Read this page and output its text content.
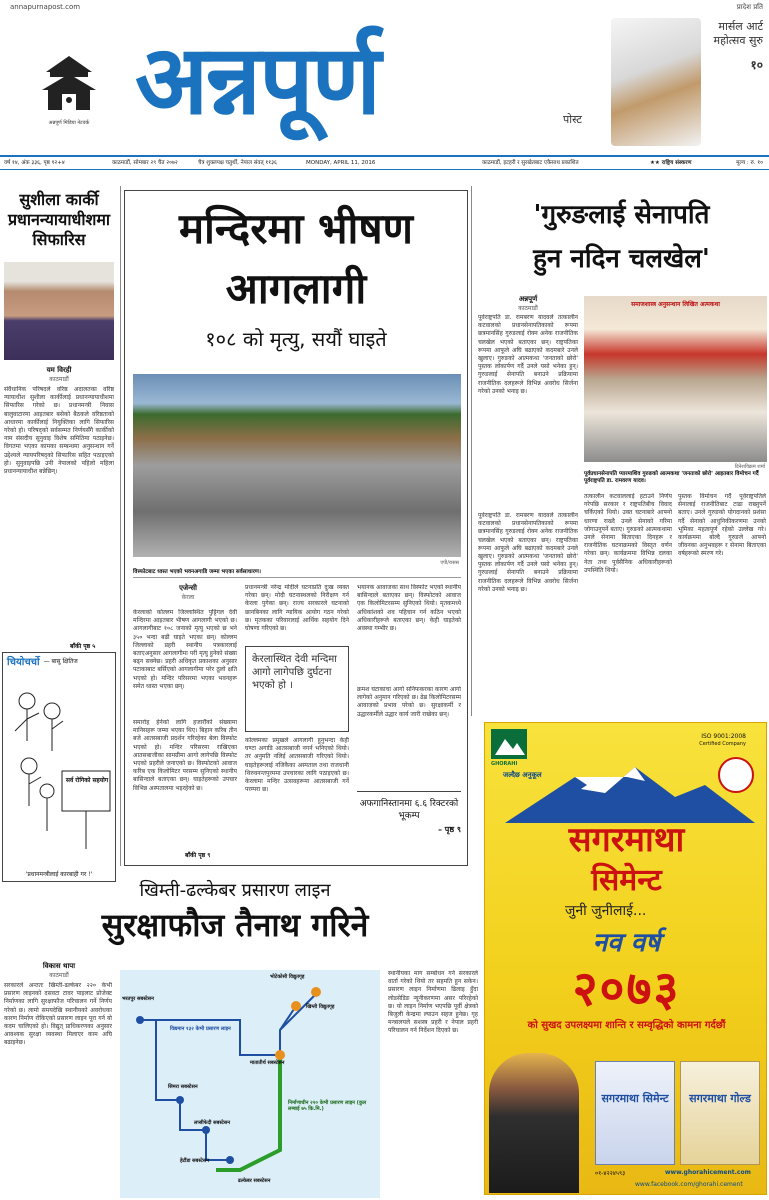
annapurnapost.com	प्रादेश प्रति
अन्नपूर्ण मिडिया नेटवर्क अन्नपूर्ण	पोस्ट
मार्सल आर्ट
महोत्सव सुरु
१०
वर्ष १४, अंक ३३६, पृष्ठ १२+४	काठमाडौं, सोमबार २९ चैत २०७२	चैत्र शुक्लपक्ष चतुर्थी, नेपाल संवत् ११३६	MONDAY, APRIL 11, 2016	काठमाडौं, इटहरी र सुरखेतबाट एकैसाथ प्रकाशित	★★ राष्ट्रिय संस्करण	मूल्य : रु. १०
सुशीला कार्की प्रधानन्यायाधीशमा सिफारिस
यम विरही
काठमाडौं
संवैधानिक परिषदले वरिष्ठ अदालतका वरिष्ठ न्यायाधीश सुशीला कार्कीलाई प्रधानन्यायाधीशमा सिफारिस गरेको छ। प्रधानमन्त्री निवास बालुवाटारमा आइतबार बसेको बैठकले वरिष्ठताको आधारमा कार्कीलाई नियुक्तिका लागि सिफारिस गरेको हो। परिषद्को सर्वसम्मत निर्णयसँगै कार्कीको नाम संसदीय सुनुवाइ विशेष समितिमा पठाइनेछ। विगतमा भएका कामका सम्बन्धमा अनुसन्धान गर्ने उद्देश्यले न्यायपरिषद्को सिफारिस सहित पठाइएको हो। सुनुवाइपछि उनी नेपालको पहिलो महिला प्रधानन्यायाधीश बन्नेछिन्।
बाँकी पृष्ठ ५
चियोचर्चो — बासु क्षितिज
सर्व रोगिको सहयोग
'प्रधानमन्त्रीलाई कारबाही गर !'
मन्दिरमा भीषण
आगलागी
१०८ को मृत्यु, सयौं घाइते
एपी/रासस
विस्फोटबाट ध्वस्त भएको भवनअगाडि जम्मा भएका सर्वसाधारण।
एजेन्सी
केरला
केरलाको कोल्लम जिल्लास्थित पुट्टिंगल देवी मन्दिरमा आइतबार भीषण आगलागी भएको छ। आगलागीबाट १०८ जनाको मृत्यु भएको छ भने ३५० भन्दा बढी घाइते भएका छन्। कोल्लम जिल्लाको प्रहरी स्थानीय पत्रकारलाई बताएअनुसार आगलागीमा परी मृत्यु हुनेको संख्या बढ्न सक्नेछ। प्रहरी अधिकृत प्रकाशका अनुसार पटाकाबाट बर्सिएको आगलागीमा परेर ठूलो क्षति भएको हो। मन्दिर परिसरमा भएका भवनहरू समेत ध्वस्त भएका छन्।
समारोह हेर्नको लागि हजारौंको संख्यामा मानिसहरू जम्मा भएका थिए। बिहान करिब तीन बजे आतसबाजी प्रदर्शन गरिरहेका बेला विस्फोट भएको हो। मन्दिर परिसरमा राखिएका आतसबाजीका सामग्रीमा आगो लागेपछि विस्फोट भएको प्रहरीले जनाएको छ। विस्फोटको आवाज करिब एक किलोमिटर परसम्म सुनिएको स्थानीय बासिन्दाले बताएका छन्। घाइतेहरूको उपचार विभिन्न अस्पतालमा भइरहेको छ।
प्रधानमन्त्री नरेन्द्र मोदीले घटनाप्रति दुःख व्यक्त गरेका छन्। मोदी घटनास्थलको निरीक्षण गर्न केरला पुगेका छन्। राज्य सरकारले घटनाको छानबिनका लागि न्यायिक आयोग गठन गरेको छ। मृतकका परिवारलाई आर्थिक सहयोग दिने घोषणा गरिएको छ।
केरलास्थित देवी मन्दिमा आगो लागेपछि दुर्घटना भएको हो ।
कोल्लमका प्रमुखले आगलागी हुनुभन्दा केही घण्टा अगाडि आतसबाजी नगर्न भनिएको थियो। तर अनुमति नलिई आतसबाजी गरिएको थियो। घाइतेहरूलाई नजिकैका अस्पताल तथा राजधानी थिरुवनन्तपुरममा उपचारका लागि पठाइएको छ। केरलामा मन्दिर उत्सवहरूमा आतसबाजी गर्ने परम्परा छ।
भयानक आवाजका साथ विस्फोट भएको स्थानीय बासिन्दाले बताएका छन्। विस्फोटको आवाज एक किलोमिटरसम्म सुनिएको थियो। मृतकमध्ये अधिकांशको शव पहिचान गर्न कठिन भएको अधिकारीहरूले बताएका छन्। केही घाइतेको अवस्था गम्भीर छ।
क्रमश घटाकाचा आगो सनिफकरका कारण आगो लागेको अनुमान गरिएको छ। ढेब्र किलोमिटरसम्म आवाजको प्रभाव परेको छ। सुरक्षाकर्मी र उद्धारकर्मीले उद्धार कार्य जारी राखेका छन्।
अफगानिस्तानमा ६.६ रिक्टरको भूकम्प
– पृष्ठ ९
बाँकी पृष्ठ ९
'गुरुङलाई सेनापति
हुन नदिन चलखेल'
अन्नपूर्ण
काठमाडौं
पूर्वराष्ट्रपति डा. रामबरण यादवले तत्कालीन कटवालको प्रधानसेनापतिकाको रूपमा छत्रमानसिंह गुरुङलाई रोक्न अनेक राजनीतिक चलखेल भएको बताएका छन्। राष्ट्रपतिका रूपमा आफूले अघि बढाएको कदमबारे उनले खुलाए। गुरुङको आत्मकथा 'जनताको छोरो' पुस्तक लोकार्पण गर्दै उनले यसो भनेका हुन्। गुरुङलाई सेनापति बनाउने प्रक्रियामा राजनीतिक दलहरूले विभिन्न अवरोध सिर्जना गरेको उनको भनाइ छ।
समाजशास्त्र अनुसन्धान लिखित अत्मकथा
दिनेशविक्रम शर्मा
पूर्वप्रधानसेनापति प्यारमाशिव गुरुङको आत्मकथा 'जनताको छोरो' आइतबार विमोचन गर्दै पूर्वराष्ट्रपति डा. रामवरण यादव।
तत्कालीन कटवाललाई हटाउने निर्णय गरेपछि सरकार र राष्ट्रपतिबीच विवाद चर्किएको थियो। उक्त घटनाबारे आफ्नो धारणा राख्दै उनले सेनाको गरिमा जोगाउनुपर्ने बताए। गुरुङको आत्मकथामा उनले सेनामा बिताएका दिनहरू र राजनीतिक घटनाक्रमको विस्तृत वर्णन गरेका छन्। कार्यक्रममा विभिन्न दलका नेता तथा पूर्वसैनिक अधिकारीहरूको उपस्थिति थियो।
पुस्तक विमोचन गर्दै पूर्वराष्ट्रपतिले सेनालाई राजनीतिबाट टाढा राख्नुपर्ने बताए। उनले गुरुङको योगदानको प्रशंसा गर्दै सेनाको आधुनिकीकरणमा उनको भूमिका महत्वपूर्ण रहेको उल्लेख गरे। कार्यक्रममा बोल्दै गुरुङले आफ्नो जीवनका अनुभवहरू र सेनामा बिताएका वर्षहरूको स्मरण गरे।
पूर्वराष्ट्रपति डा. रामबरण यादवले तत्कालीन कटवालको प्रधानसेनापतिकाको रूपमा छत्रमानसिंह गुरुङलाई रोक्न अनेक राजनीतिक चलखेल भएको बताएका छन्। राष्ट्रपतिका रूपमा आफूले अघि बढाएको कदमबारे उनले खुलाए। गुरुङको आत्मकथा 'जनताको छोरो' पुस्तक लोकार्पण गर्दै उनले यसो भनेका हुन्। गुरुङलाई सेनापति बनाउने प्रक्रियामा राजनीतिक दलहरूले विभिन्न अवरोध सिर्जना गरेको उनको भनाइ छ।
GHORAHI
जल्दैछ अनुकूल
ISO 9001:2008
Certified Company
सगरमाथा
सिमेन्ट
जुनी जुनीलाई...
नव वर्ष
२०७३
को सुखद उपलक्ष्यमा शान्ति र सम्वृद्धिको कामना गर्दछौं
सगरमाथा सिमेन्ट	सगरमाथा गोल्ड
०१-४२२४५९३	www.ghorahicement.com
www.facebook.com/ghorahi.cement
खिम्ती-ढल्केबर प्रसारण लाइन
सुरक्षाफौज तैनाथ गरिने
विकास थापा
काठमाडौं
सरकारले अन्ततः खिम्ती-ढल्केबर २२० केभी प्रसारण लाइनको दसवटा टावर पाइलाट प्रोजेक्ट निर्माणका लागि सुरक्षाफौज परिचालन गर्ने निर्णय गरेको छ। लामो समयदेखि स्थानीयको अवरोधका कारण निर्माण रोकिएको प्रसारण लाइन पूरा गर्न यो कदम चालिएको हो। विद्युत् प्राधिकरणका अनुसार आवश्यक सुरक्षा व्यवस्था मिलाएर काम अघि बढाइनेछ।
भरतपुर सबस्टेसन
हेटौंडा सबस्टेसन
सिमरा सबस्टेसन
ढल्केबर सबस्टेसन
लप्सीफेदी सबस्टेसन
मातातीर्थ सबस्टेसन
खिम्ती विद्युतगृह
भोटेकोसी विद्युतगृह
निर्माणाधीन २२० केभी प्रसारण लाइन (कुल लम्बाई ७५ कि.मि.)
विद्यमान १३२ केभी प्रसारण लाइन
स्थानीयका माग सम्बोधन गर्न सरकारले वार्ता गरेको थियो तर सहमति हुन सकेन। प्रसारण लाइन निर्माणमा ढिलाइ हुँदा लोडसेडिङ न्यूनीकरणमा असर परिरहेको छ। यो लाइन निर्माण भएपछि पूर्वी क्षेत्रको बिजुली केन्द्रमा ल्याउन सहज हुनेछ। गृह मन्त्रालयले सशस्त्र प्रहरी र नेपाल प्रहरी परिचालन गर्न निर्देशन दिएको छ।
